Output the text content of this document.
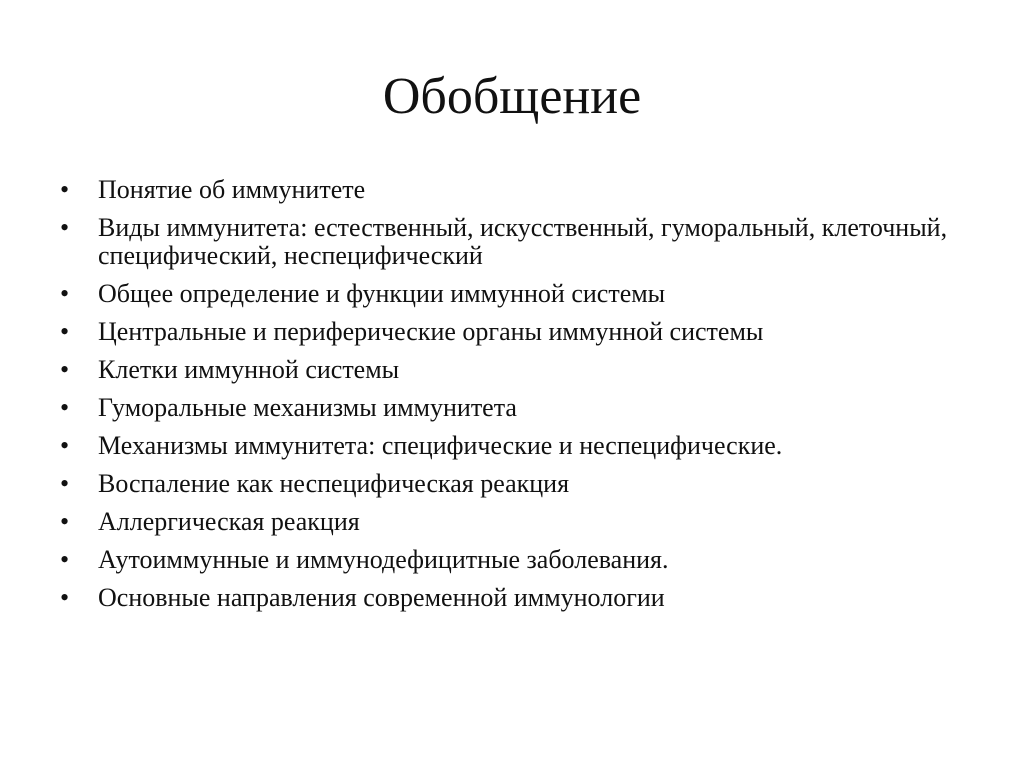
Обобщение
•	Понятие об иммунитете
•	Виды иммунитета: естественный, искусственный, гуморальный, клеточный, специфический, неспецифический
•	Общее определение и функции иммунной системы
•	Центральные и периферические органы иммунной системы
•	Клетки иммунной системы
•	Гуморальные механизмы иммунитета
•	Механизмы иммунитета: специфические и неспецифические.
•	Воспаление как неспецифическая реакция
•	Аллергическая реакция
•	Аутоиммунные и иммунодефицитные заболевания.
•	Основные направления современной иммунологии
